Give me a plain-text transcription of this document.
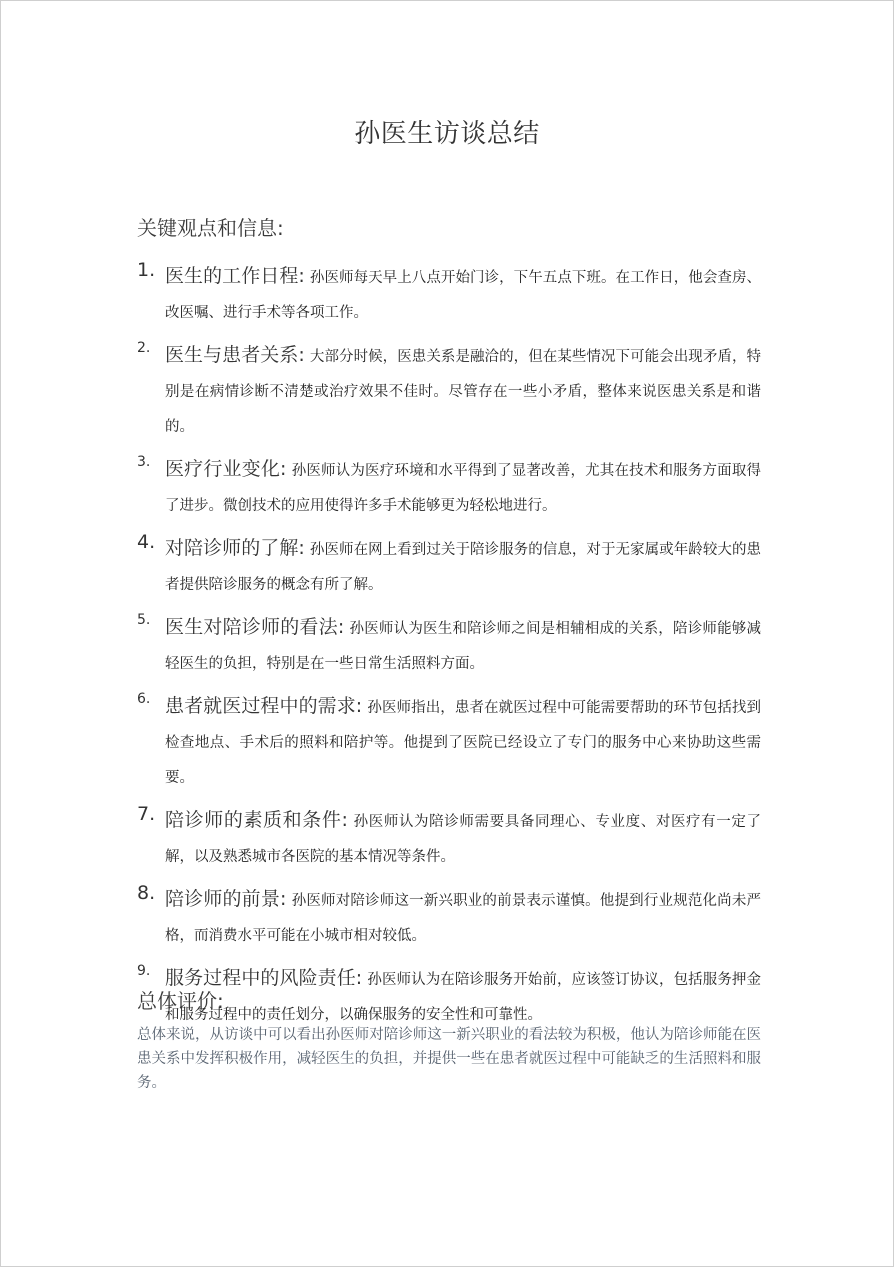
孙医生访谈总结
关键观点和信息:
1. 医生的工作日程: 孙医师每天早上八点开始门诊，下午五点下班。在工作日，他会查房、改医嘱、进行手术等各项工作。
2. 医生与患者关系: 大部分时候，医患关系是融洽的，但在某些情况下可能会出现矛盾，特别是在病情诊断不清楚或治疗效果不佳时。尽管存在一些小矛盾，整体来说医患关系是和谐的。
3. 医疗行业变化: 孙医师认为医疗环境和水平得到了显著改善，尤其在技术和服务方面取得了进步。微创技术的应用使得许多手术能够更为轻松地进行。
4. 对陪诊师的了解: 孙医师在网上看到过关于陪诊服务的信息，对于无家属或年龄较大的患者提供陪诊服务的概念有所了解。
5. 医生对陪诊师的看法: 孙医师认为医生和陪诊师之间是相辅相成的关系，陪诊师能够减轻医生的负担，特别是在一些日常生活照料方面。
6. 患者就医过程中的需求: 孙医师指出，患者在就医过程中可能需要帮助的环节包括找到检查地点、手术后的照料和陪护等。他提到了医院已经设立了专门的服务中心来协助这些需要。
7. 陪诊师的素质和条件: 孙医师认为陪诊师需要具备同理心、专业度、对医疗有一定了解，以及熟悉城市各医院的基本情况等条件。
8. 陪诊师的前景: 孙医师对陪诊师这一新兴职业的前景表示谨慎。他提到行业规范化尚未严格，而消费水平可能在小城市相对较低。
9. 服务过程中的风险责任: 孙医师认为在陪诊服务开始前，应该签订协议，包括服务押金和服务过程中的责任划分，以确保服务的安全性和可靠性。
总体评价:

总体来说，从访谈中可以看出孙医师对陪诊师这一新兴职业的看法较为积极，他认为陪诊师能在医患关系中发挥积极作用，减轻医生的负担，并提供一些在患者就医过程中可能缺乏的生活照料和服务。
